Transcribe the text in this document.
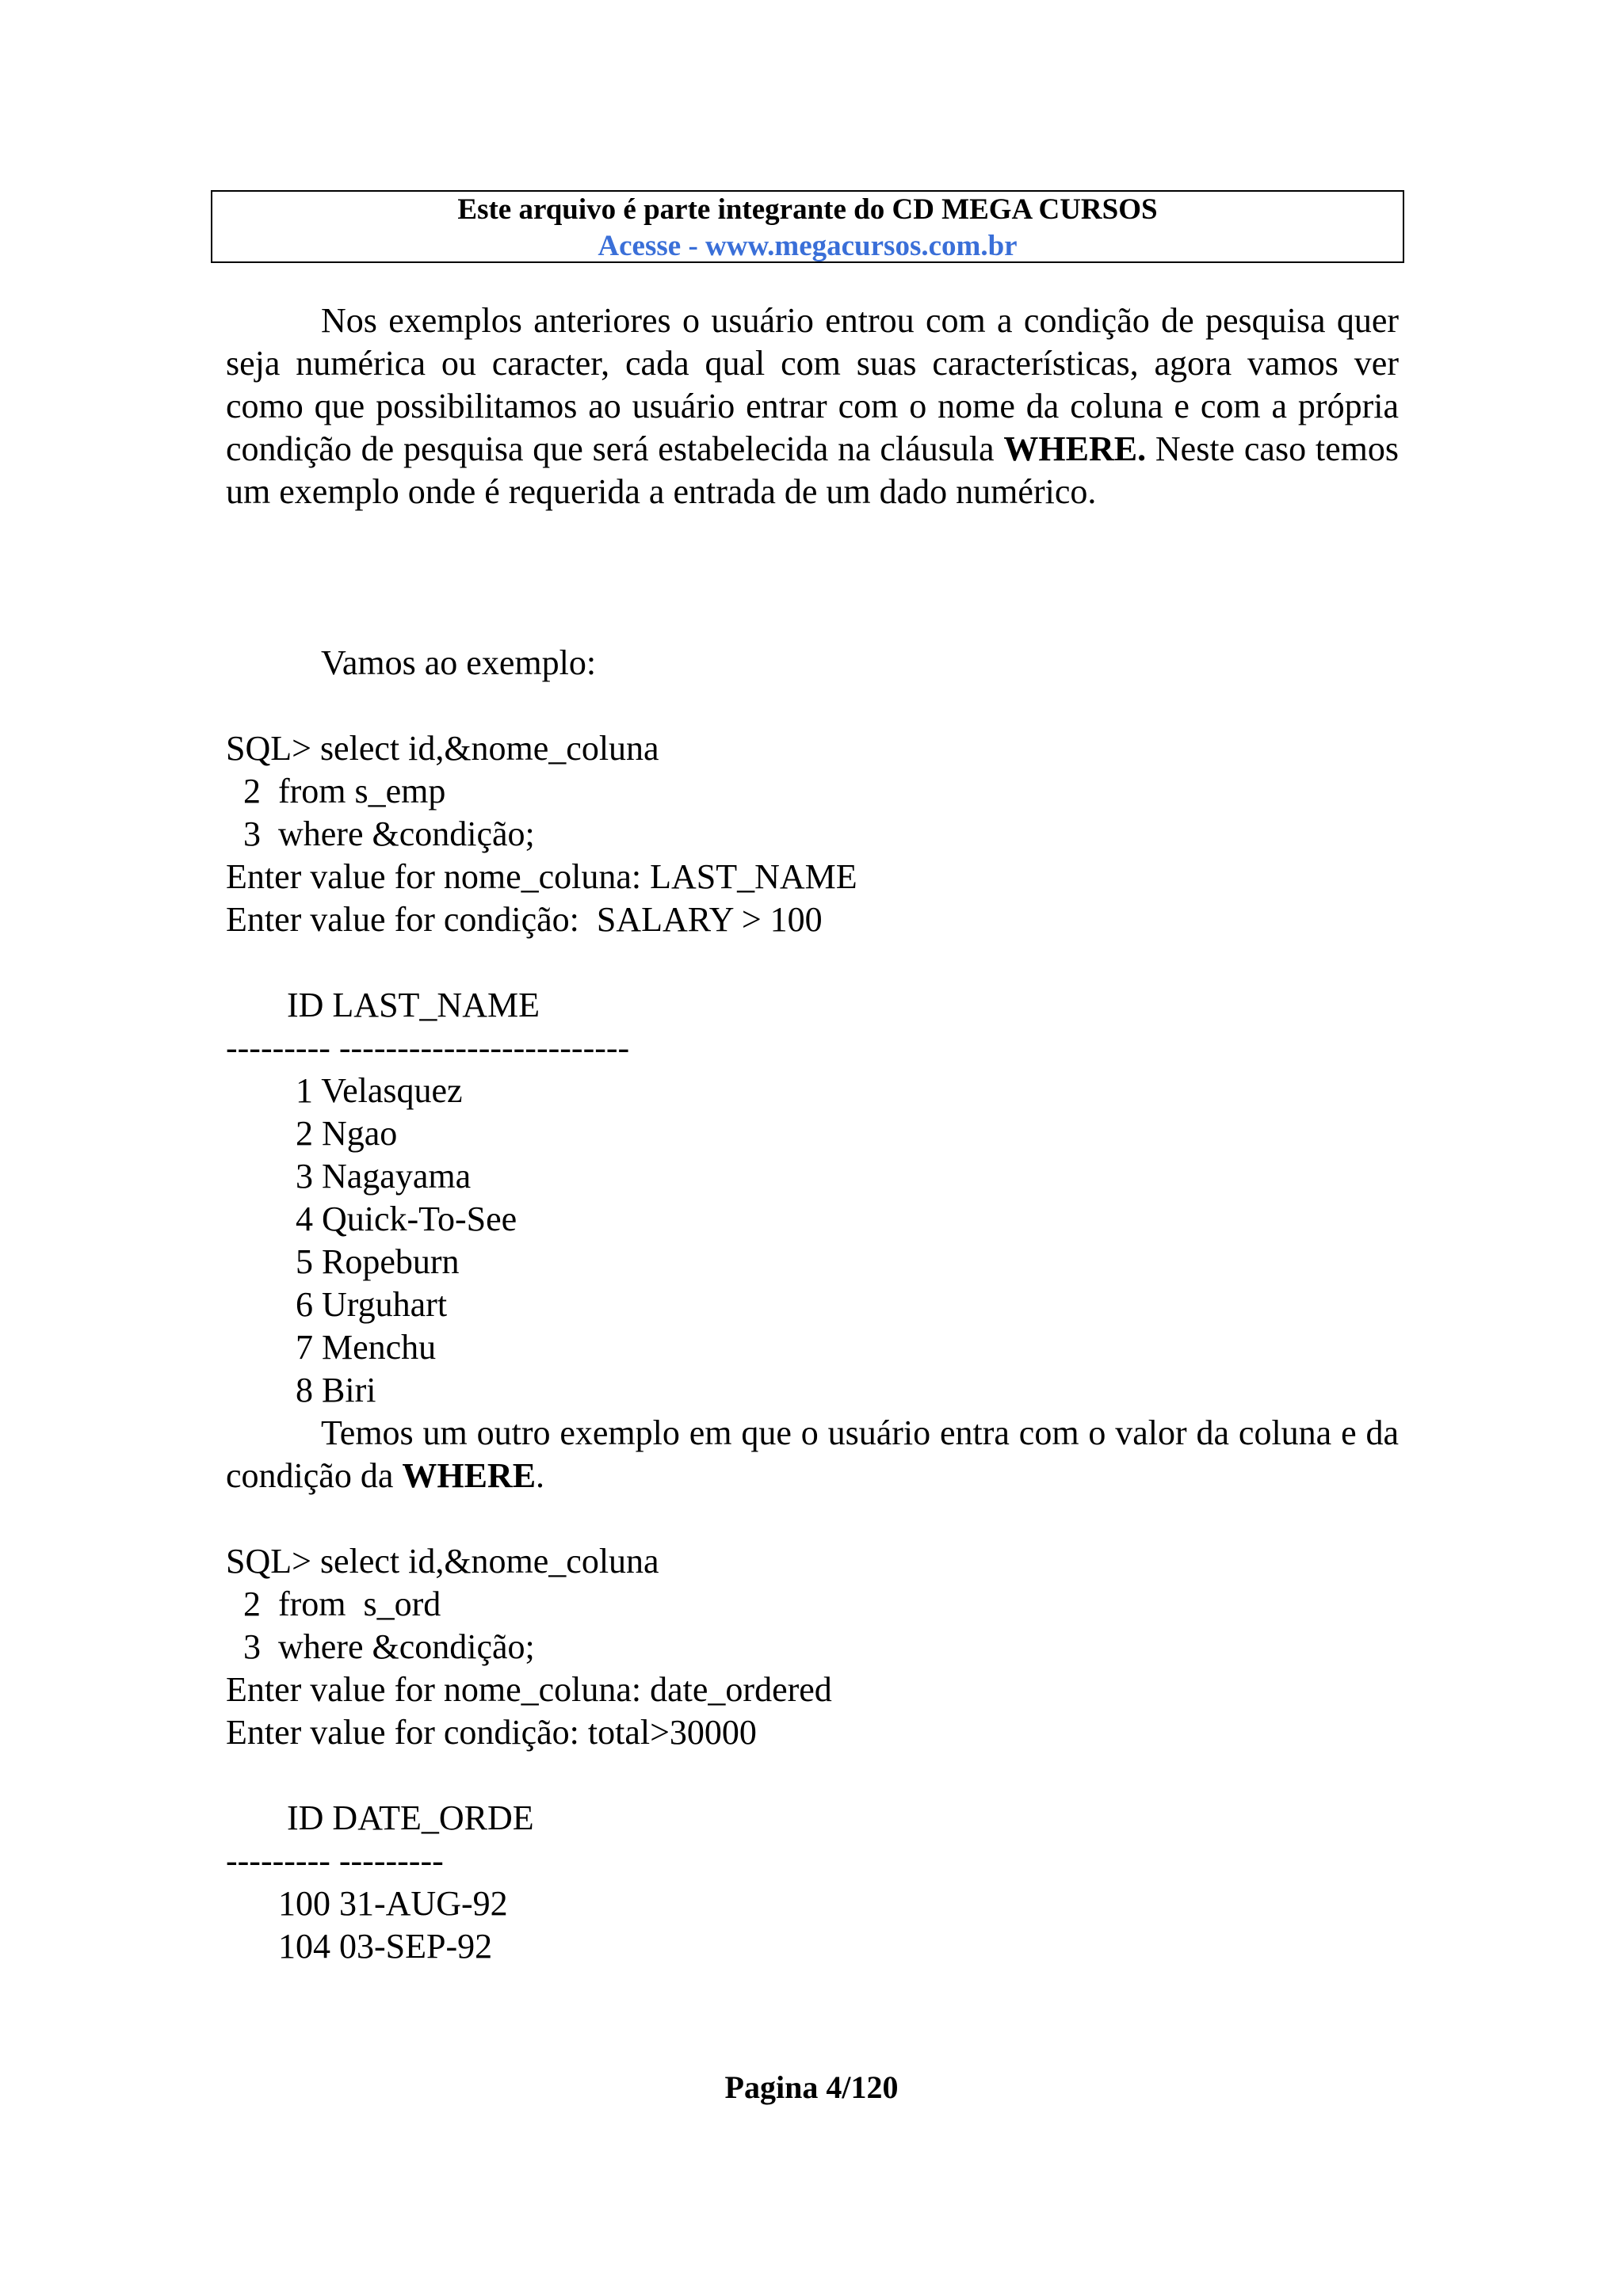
Este arquivo é parte integrante do CD MEGA CURSOS
Acesse - www.megacursos.com.br

Nos exemplos anteriores o usuário entrou com a condição de pesquisa quer seja numérica ou caracter, cada qual com suas características, agora vamos ver como que possibilitamos ao usuário entrar com o nome da coluna e com a própria condição de pesquisa que será estabelecida na cláusula WHERE. Neste caso temos um exemplo onde é requerida a entrada de um dado numérico.

Vamos ao exemplo:

SQL> select id,&nome_coluna
2  from s_emp
3  where &condição;
Enter value for nome_coluna: LAST_NAME
Enter value for condição:  SALARY > 100
ID LAST_NAME
--------- -------------------------
1 Velasquez
2 Ngao
3 Nagayama
4 Quick-To-See
5 Ropeburn
6 Urguhart
7 Menchu
8 Biri

Temos um outro exemplo em que o usuário entra com o valor da coluna e da condição da WHERE.

SQL> select id,&nome_coluna
2  from  s_ord
3  where &condição;
Enter value for nome_coluna: date_ordered
Enter value for condição: total>30000
ID DATE_ORDE
--------- ---------
100 31-AUG-92
104 03-SEP-92
Pagina 4/120
